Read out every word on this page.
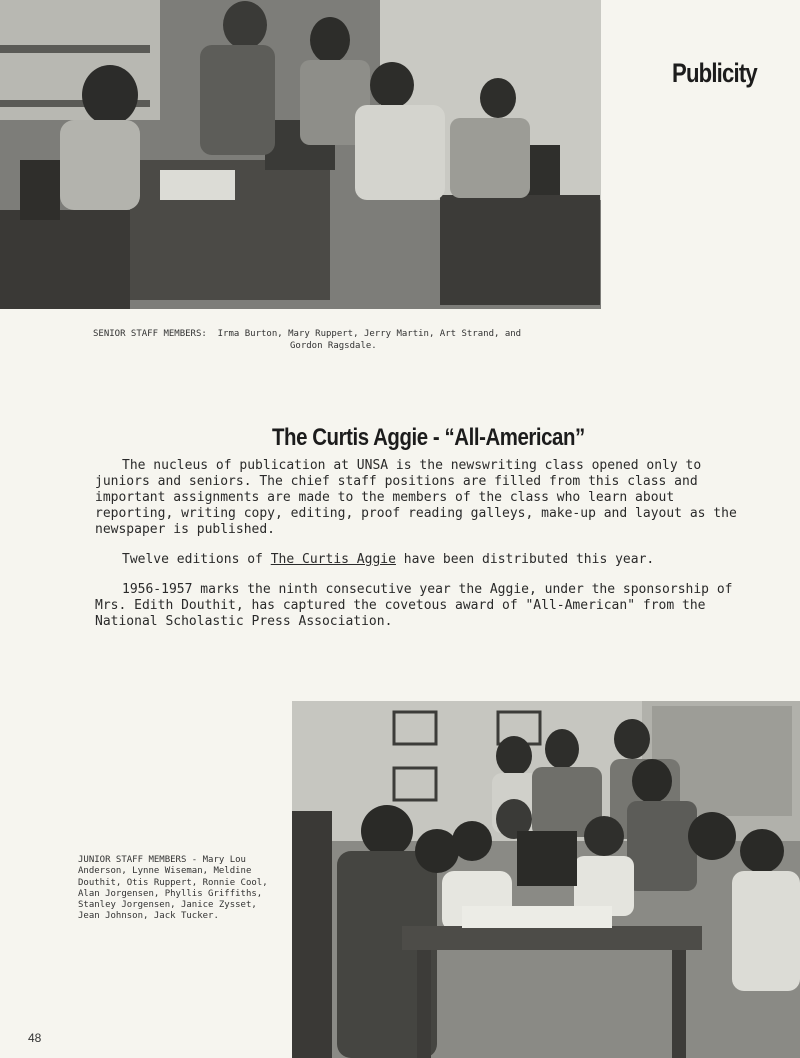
Publicity
SENIOR STAFF MEMBERS: Irma Burton, Mary Ruppert, Jerry Martin, Art Strand, and
Gordon Ragsdale.
The Curtis Aggie - “All-American”

The nucleus of publication at UNSA is the newswriting class opened only to juniors and seniors. The chief staff positions are filled from this class and important assignments are made to the members of the class who learn about reporting, writing copy, editing, proof reading galleys, make-up and layout as the newspaper is published.

Twelve editions of The Curtis Aggie have been distributed this year.

1956-1957 marks the ninth consecutive year the Aggie, under the sponsorship of Mrs. Edith Douthit, has captured the covetous award of "All-American" from the National Scholastic Press Association.

JUNIOR STAFF MEMBERS - Mary Lou Anderson, Lynne Wiseman, Meldine Douthit, Otis Ruppert, Ronnie Cool, Alan Jorgensen, Phyllis Griffiths, Stanley Jorgensen, Janice Zysset, Jean Johnson, Jack Tucker.
48
